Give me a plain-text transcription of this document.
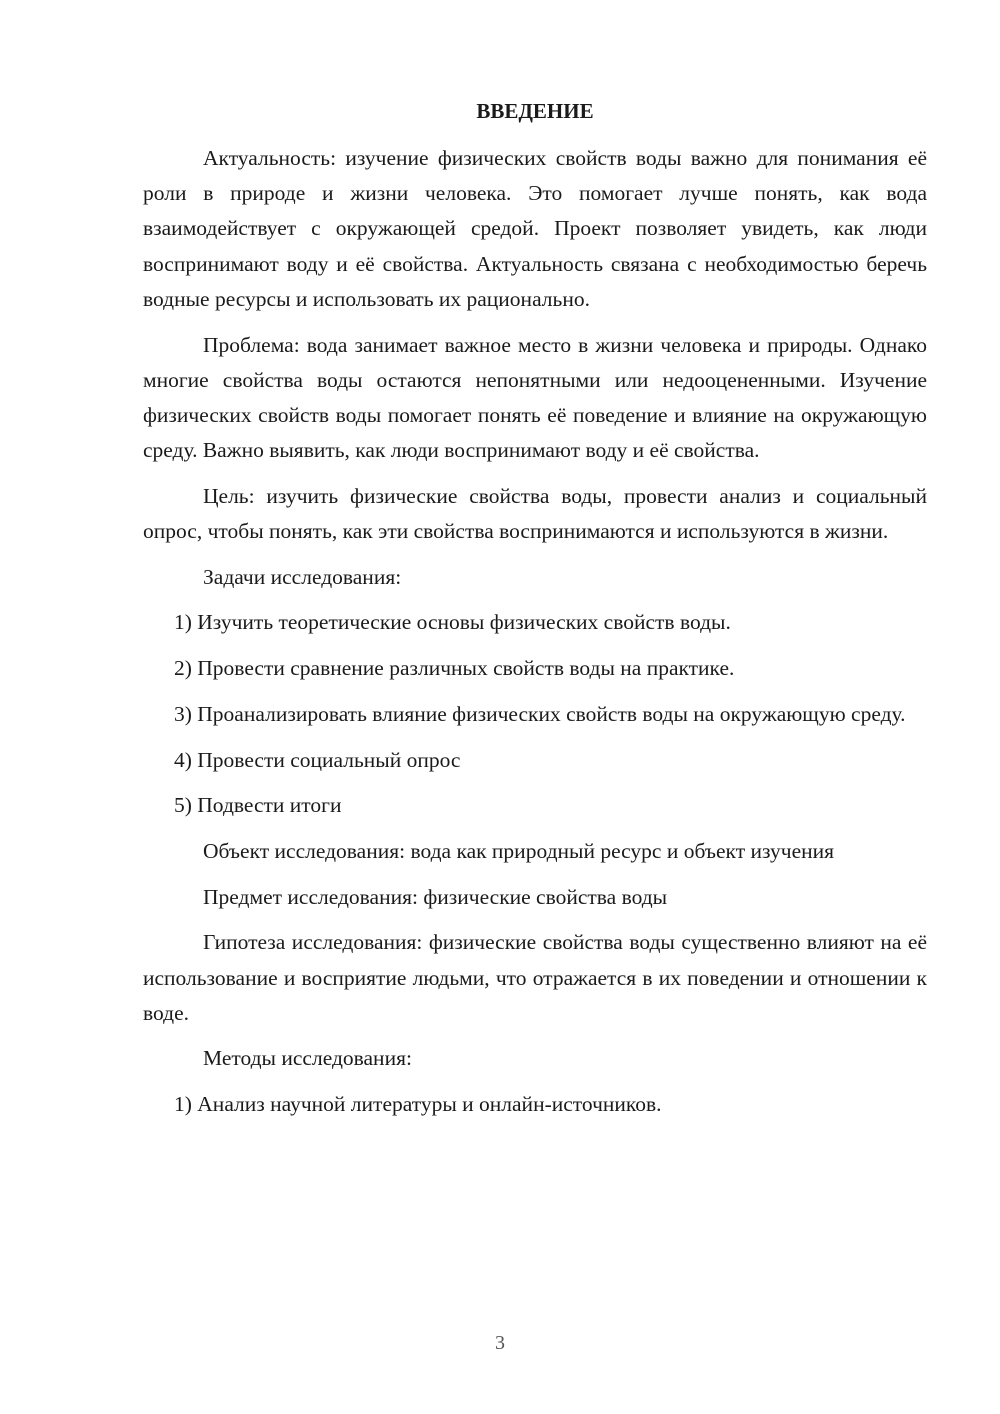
ВВЕДЕНИЕ
Актуальность: изучение физических свойств воды важно для понимания её роли в природе и жизни человека. Это помогает лучше понять, как вода взаимодействует с окружающей средой. Проект позволяет увидеть, как люди воспринимают воду и её свойства. Актуальность связана с необходимостью беречь водные ресурсы и использовать их рационально.
Проблема: вода занимает важное место в жизни человека и природы. Однако многие свойства воды остаются непонятными или недооцененными. Изучение физических свойств воды помогает понять её поведение и влияние на окружающую среду. Важно выявить, как люди воспринимают воду и её свойства.
Цель: изучить физические свойства воды, провести анализ и социальный опрос, чтобы понять, как эти свойства воспринимаются и используются в жизни.
Задачи исследования:
1) Изучить теоретические основы физических свойств воды.
2) Провести сравнение различных свойств воды на практике.
3) Проанализировать влияние физических свойств воды на окружающую среду.
4) Провести социальный опрос
5) Подвести итоги
Объект исследования: вода как природный ресурс и объект изучения
Предмет исследования: физические свойства воды
Гипотеза исследования: физические свойства воды существенно влияют на её использование и восприятие людьми, что отражается в их поведении и отношении к воде.
Методы исследования:
1) Анализ научной литературы и онлайн-источников.
3
